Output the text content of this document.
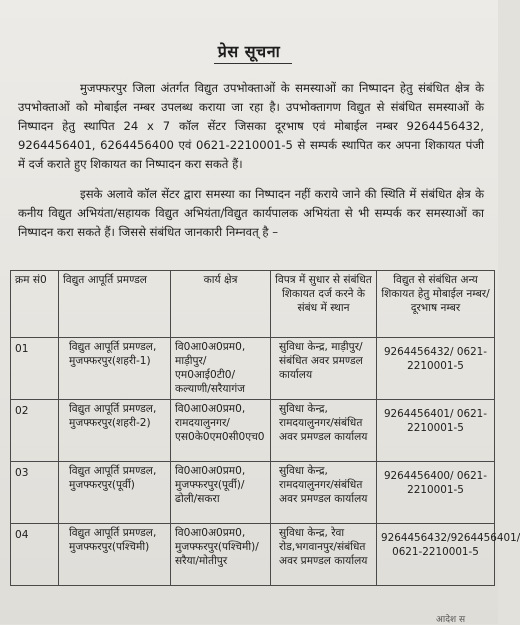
प्रेस सूचना

मुजफ्फरपुर जिला अंतर्गत विद्युत उपभोक्ताओं के समस्याओं का निष्पादन हेतु संबंधित क्षेत्र के उपभोक्ताओं को मोबाईल नम्बर उपलब्ध कराया जा रहा है। उपभोक्तागण विद्युत से संबंधित समस्याओं के निष्पादन हेतु स्थापित 24 x 7 कॉल सेंटर जिसका दूरभाष एवं मोबाईल नम्बर 9264456432, 9264456401, 6264456400 एवं 0621-2210001-5 से सम्पर्क स्थापित कर अपना शिकायत पंजी में दर्ज कराते हुए शिकायत का निष्पादन करा सकते हैं।

इसके अलावे कॉल सेंटर द्वारा समस्या का निष्पादन नहीं कराये जाने की स्थिति में संबंधित क्षेत्र के कनीय विद्युत अभियंता/सहायक विद्युत अभियंता/विद्युत कार्यपालक अभियंता से भी सम्पर्क कर समस्याओं का निष्पादन करा सकते हैं। जिससे संबंधित जानकारी निम्नवत् है –

क्रम सं0	विद्युत आपूर्ति प्रमण्डल	कार्य क्षेत्र	विपत्र में सुधार से संबंधित शिकायत दर्ज करने के संबंध में स्थान	विद्युत से संबंधित अन्य शिकायत हेतु मोबाईल नम्बर/दूरभाष नम्बर
01	विद्युत आपूर्ति प्रमण्डल, मुजफ्फरपुर(शहरी-1)	वि0आ0अ0प्रम0, माड़ीपुर/एम0आई0टी0/कल्याणी/सरैयागंज	सुविधा केन्द्र, माड़ीपुर/संबंधित अवर प्रमण्डल कार्यालय	9264456432/ 0621-2210001-5
02	विद्युत आपूर्ति प्रमण्डल, मुजफ्फरपुर(शहरी-2)	वि0आ0अ0प्रम0, रामदयालुनगर/एस0के0एम0सी0एच0	सुविधा केन्द्र, रामदयालुनगर/संबंधित अवर प्रमण्डल कार्यालय	9264456401/ 0621-2210001-5
03	विद्युत आपूर्ति प्रमण्डल, मुजफ्फरपुर(पूर्वी)	वि0आ0अ0प्रम0, मुजफ्फरपुर(पूर्वी)/ढोली/सकरा	सुविधा केन्द्र, रामदयालुनगर/संबंधित अवर प्रमण्डल कार्यालय	9264456400/ 0621-2210001-5
04	विद्युत आपूर्ति प्रमण्डल, मुजफ्फरपुर(पश्चिमी)	वि0आ0अ0प्रम0, मुजफ्फरपुर(पश्चिमी)/सरैया/मोतीपुर	सुविधा केन्द्र, रेवा रोड,भगवानपुर/संबंधित अवर प्रमण्डल कार्यालय	9264456432/9264456401/ 0621-2210001-5
आदेश स
